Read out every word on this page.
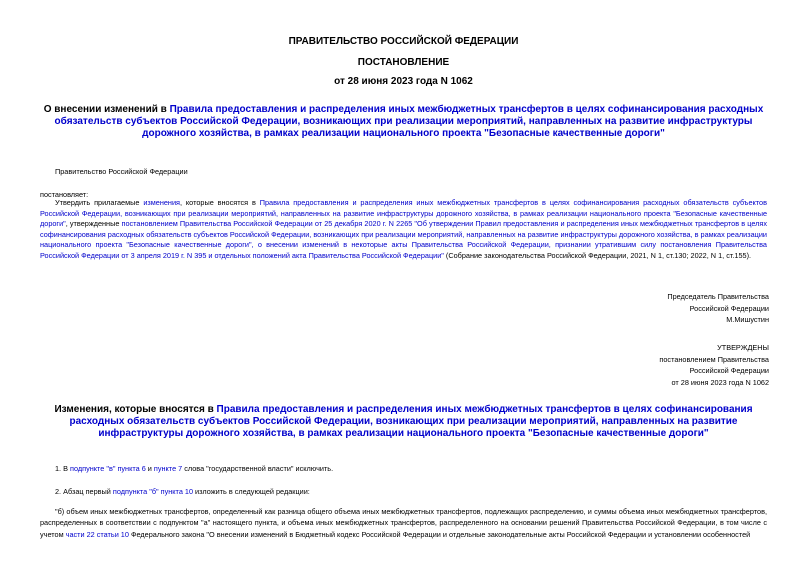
ПРАВИТЕЛЬСТВО РОССИЙСКОЙ ФЕДЕРАЦИИ
ПОСТАНОВЛЕНИЕ
от 28 июня 2023 года N 1062
О внесении изменений в Правила предоставления и распределения иных межбюджетных трансфертов в целях софинансирования расходных обязательств субъектов Российской Федерации, возникающих при реализации мероприятий, направленных на развитие инфраструктуры дорожного хозяйства, в рамках реализации национального проекта "Безопасные качественные дороги"
Правительство Российской Федерации
постановляет:
Утвердить прилагаемые изменения, которые вносятся в Правила предоставления и распределения иных межбюджетных трансфертов в целях софинансирования расходных обязательств субъектов Российской Федерации, возникающих при реализации мероприятий, направленных на развитие инфраструктуры дорожного хозяйства, в рамках реализации национального проекта "Безопасные качественные дороги", утвержденные постановлением Правительства Российской Федерации от 25 декабря 2020 г. N 2265 "Об утверждении Правил предоставления и распределения иных межбюджетных трансфертов в целях софинансирования расходных обязательств субъектов Российской Федерации, возникающих при реализации мероприятий, направленных на развитие инфраструктуры дорожного хозяйства, в рамках реализации национального проекта "Безопасные качественные дороги", о внесении изменений в некоторые акты Правительства Российской Федерации, признании утратившим силу постановления Правительства Российской Федерации от 3 апреля 2019 г. N 395 и отдельных положений акта Правительства Российской Федерации" (Собрание законодательства Российской Федерации, 2021, N 1, ст.130; 2022, N 1, ст.155).
Председатель Правительства
Российской Федерации
М.Мишустин
УТВЕРЖДЕНЫ
постановлением Правительства
Российской Федерации
от 28 июня 2023 года N 1062
Изменения, которые вносятся в Правила предоставления и распределения иных межбюджетных трансфертов в целях софинансирования расходных обязательств субъектов Российской Федерации, возникающих при реализации мероприятий, направленных на развитие инфраструктуры дорожного хозяйства, в рамках реализации национального проекта "Безопасные качественные дороги"
1. В подпункте "в" пункта 6 и пункте 7 слова "государственной власти" исключить.
2. Абзац первый подпункта "б" пункта 10 изложить в следующей редакции:
"б) объем иных межбюджетных трансфертов, определенный как разница общего объема иных межбюджетных трансфертов, подлежащих распределению, и суммы объема иных межбюджетных трансфертов, распределенных в соответствии с подпунктом "а" настоящего пункта, и объема иных межбюджетных трансфертов, распределенного на основании решений Правительства Российской Федерации, в том числе с учетом части 22 статьи 10 Федерального закона "О внесении изменений в Бюджетный кодекс Российской Федерации и отдельные законодательные акты Российской Федерации и установлении особенностей
